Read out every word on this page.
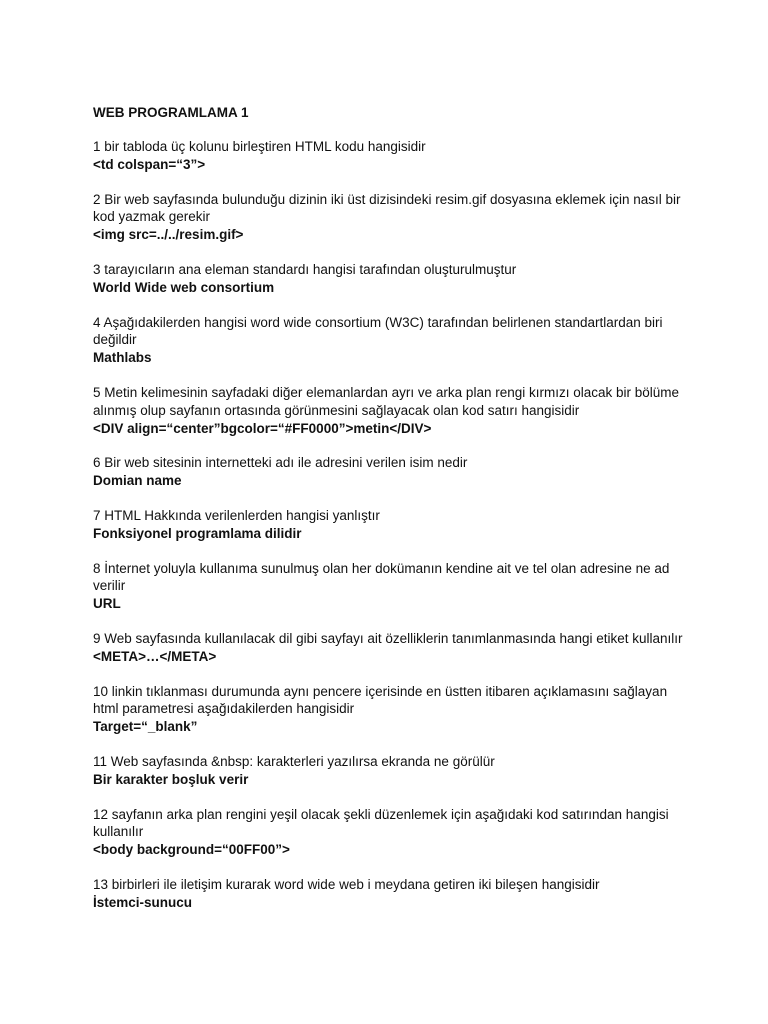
WEB PROGRAMLAMA 1
1 bir tabloda üç kolunu birleştiren HTML kodu hangisidir
<td colspan=“3”>
2 Bir web sayfasında bulunduğu dizinin iki üst dizisindeki resim.gif dosyasına eklemek için nasıl bir kod yazmak gerekir
<img src=../../resim.gif>
3 tarayıcıların ana eleman standardı hangisi tarafından oluşturulmuştur
World Wide web consortium
4 Aşağıdakilerden hangisi word wide consortium (W3C) tarafından belirlenen standartlardan biri değildir
Mathlabs
5 Metin kelimesinin sayfadaki diğer elemanlardan ayrı ve arka plan rengi kırmızı olacak bir bölüme alınmış olup sayfanın ortasında görünmesini sağlayacak olan kod satırı hangisidir
<DIV align=“center”bgcolor=“#FF0000”>metin</DIV>
6 Bir web sitesinin internetteki adı ile adresini verilen isim nedir
Domian name
7 HTML Hakkında verilenlerden hangisi yanlıştır
Fonksiyonel programlama dilidir
8 İnternet yoluyla kullanıma sunulmuş olan her dokümanın kendine ait ve tel olan adresine ne ad verilir
URL
9 Web sayfasında kullanılacak dil gibi sayfayı ait özelliklerin tanımlanmasında hangi etiket kullanılır
<META>…</META>
10 linkin tıklanması durumunda aynı pencere içerisinde en üstten itibaren açıklamasını sağlayan html parametresi aşağıdakilerden hangisidir
Target=“_blank”
11 Web sayfasında &nbsp: karakterleri yazılırsa ekranda ne görülür
Bir karakter boşluk verir
12 sayfanın arka plan rengini yeşil olacak şekli düzenlemek için aşağıdaki kod satırından hangisi kullanılır
<body background=“00FF00”>
13 birbirleri ile iletişim kurarak word wide web i meydana getiren iki bileşen hangisidir
İstemci-sunucu
